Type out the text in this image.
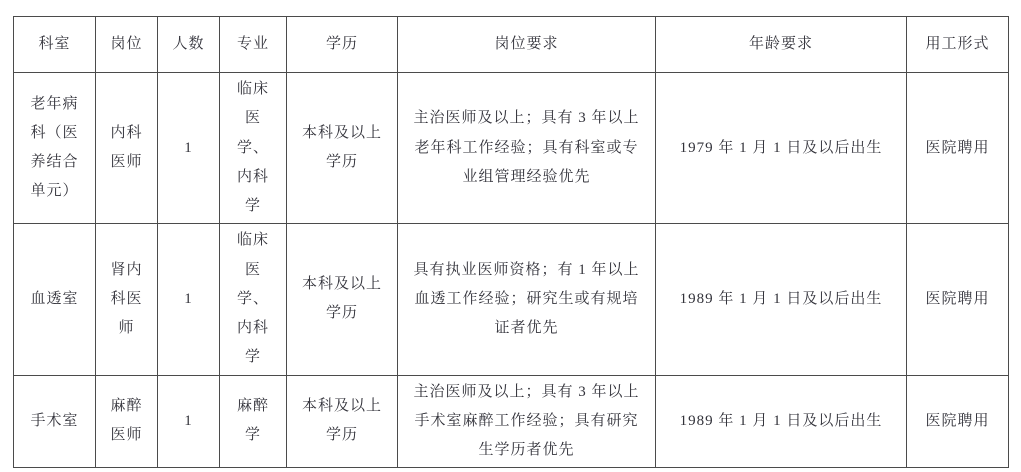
科室	岗位	人数	专业	学历	岗位要求	年龄要求	用工形式
老年病科（医养结合单元）	内科医师	1	临床医学、内科学	本科及以上学历	主治医师及以上；具有 3 年以上老年科工作经验；具有科室或专业组管理经验优先	1979 年 1 月 1 日及以后出生	医院聘用
血透室	肾内科医师	1	临床医学、内科学	本科及以上学历	具有执业医师资格；有 1 年以上血透工作经验；研究生或有规培证者优先	1989 年 1 月 1 日及以后出生	医院聘用
手术室	麻醉医师	1	麻醉学	本科及以上学历	主治医师及以上；具有 3 年以上手术室麻醉工作经验；具有研究生学历者优先	1989 年 1 月 1 日及以后出生	医院聘用
